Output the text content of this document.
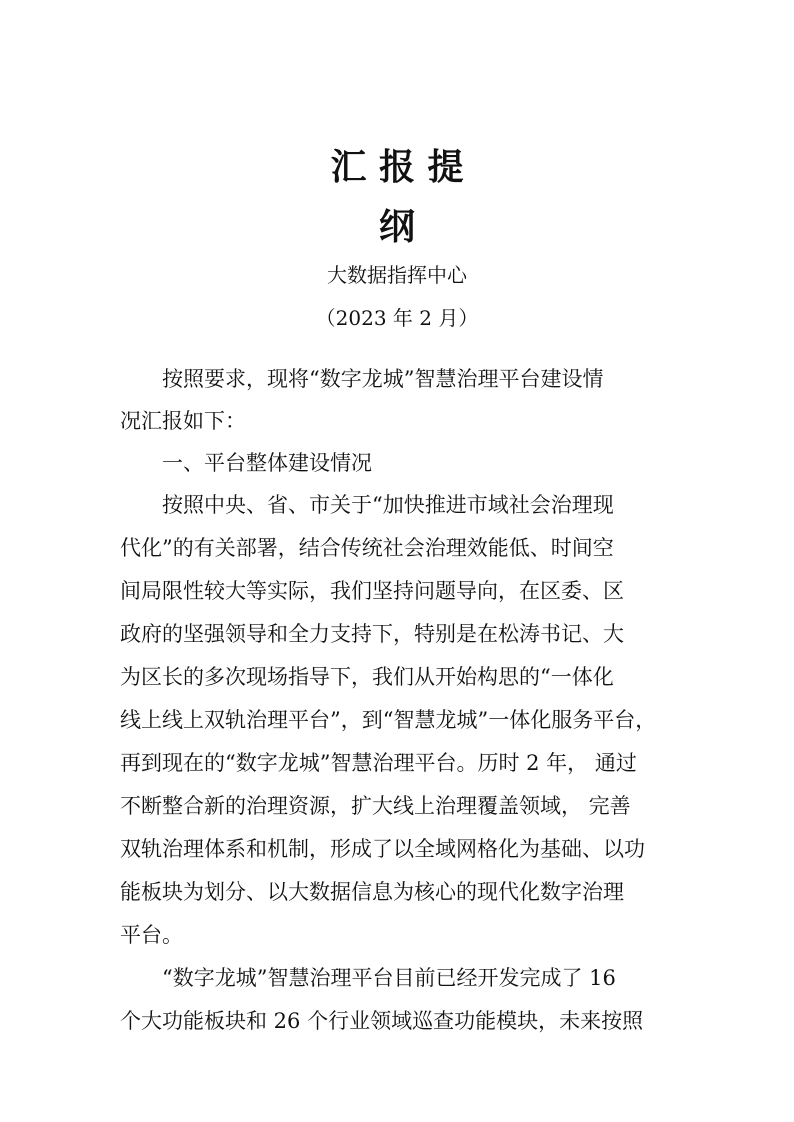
汇 报 提
纲
大数据指挥中心
（2023 年 2 月）
　　按照要求，现将“数字龙城”智慧治理平台建设情
况汇报如下：
　　一、平台整体建设情况
　　按照中央、省、市关于“加快推进市域社会治理现
代化”的有关部署，结合传统社会治理效能低、时间空
间局限性较大等实际，我们坚持问题导向，在区委、区
政府的坚强领导和全力支持下，特别是在松涛书记、大
为区长的多次现场指导下，我们从开始构思的“一体化
线上线上双轨治理平台”，到“智慧龙城”一体化服务平台，
再到现在的“数字龙城”智慧治理平台。历时 2 年， 通过
不断整合新的治理资源，扩大线上治理覆盖领域， 完善
双轨治理体系和机制，形成了以全域网格化为基础、以功
能板块为划分、以大数据信息为核心的现代化数字治理
平台。
　　“数字龙城”智慧治理平台目前已经开发完成了 16
个大功能板块和 26 个行业领域巡查功能模块，未来按照
